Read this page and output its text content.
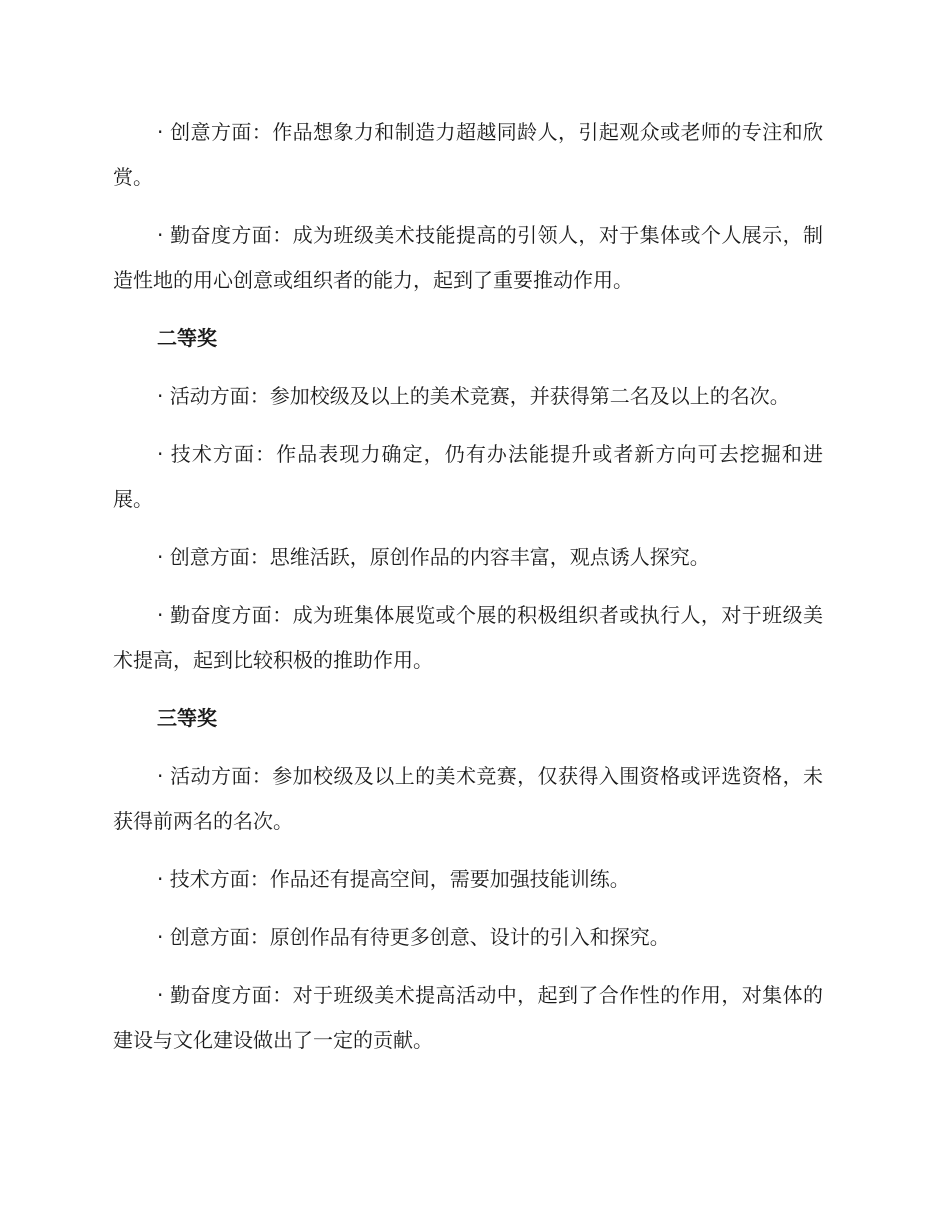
· 创意方面：作品想象力和制造力超越同龄人，引起观众或老师的专注和欣赏。

· 勤奋度方面：成为班级美术技能提高的引领人，对于集体或个人展示，制造性地的用心创意或组织者的能力，起到了重要推动作用。

二等奖

· 活动方面：参加校级及以上的美术竞赛，并获得第二名及以上的名次。

· 技术方面：作品表现力确定，仍有办法能提升或者新方向可去挖掘和进展。

· 创意方面：思维活跃，原创作品的内容丰富，观点诱人探究。

· 勤奋度方面：成为班集体展览或个展的积极组织者或执行人，对于班级美术提高，起到比较积极的推助作用。

三等奖

· 活动方面：参加校级及以上的美术竞赛，仅获得入围资格或评选资格，未获得前两名的名次。

· 技术方面：作品还有提高空间，需要加强技能训练。

· 创意方面：原创作品有待更多创意、设计的引入和探究。

· 勤奋度方面：对于班级美术提高活动中，起到了合作性的作用，对集体的建设与文化建设做出了一定的贡献。
